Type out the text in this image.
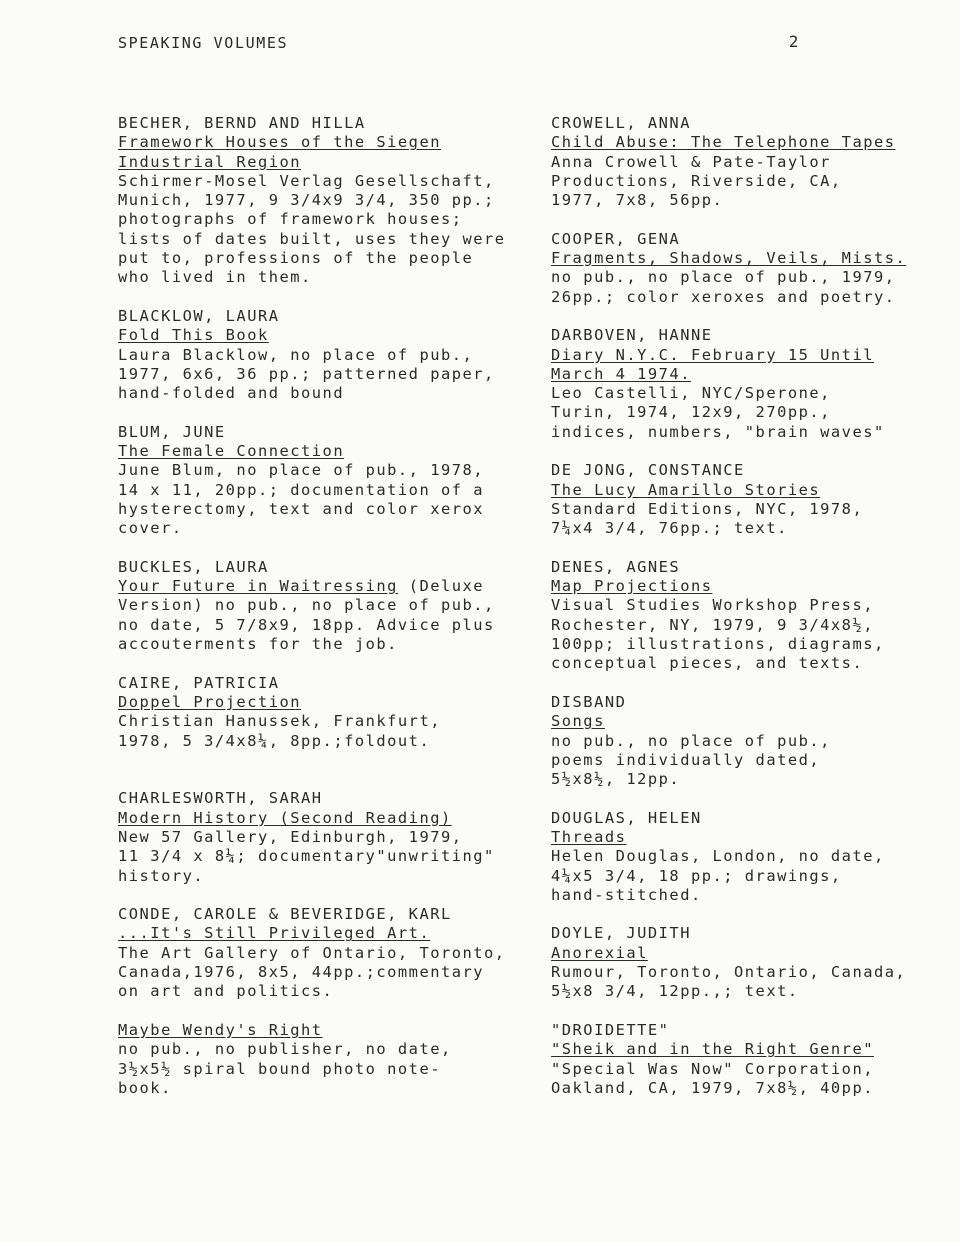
SPEAKING VOLUMES	2
BECHER, BERND AND HILLA
Framework Houses of the Siegen
Industrial Region
Schirmer-Mosel Verlag Gesellschaft,
Munich, 1977, 9 3/4x9 3/4, 350 pp.;
photographs of framework houses;
lists of dates built, uses they were
put to, professions of the people
who lived in them.
BLACKLOW, LAURA
Fold This Book
Laura Blacklow, no place of pub.,
1977, 6x6, 36 pp.; patterned paper,
hand-folded and bound
BLUM, JUNE
The Female Connection
June Blum, no place of pub., 1978,
14 x 11, 20pp.; documentation of a
hysterectomy, text and color xerox
cover.
BUCKLES, LAURA
Your Future in Waitressing (Deluxe
Version) no pub., no place of pub.,
no date, 5 7/8x9, 18pp. Advice plus
accouterments for the job.
CAIRE, PATRICIA
Doppel Projection
Christian Hanussek, Frankfurt,
1978, 5 3/4x8¼, 8pp.;foldout.

CHARLESWORTH, SARAH
Modern History (Second Reading)
New 57 Gallery, Edinburgh, 1979,
11 3/4 x 8¼; documentary"unwriting"
history.
CONDE, CAROLE & BEVERIDGE, KARL
...It's Still Privileged Art.
The Art Gallery of Ontario, Toronto,
Canada,1976, 8x5, 44pp.;commentary
on art and politics.
Maybe Wendy's Right
no pub., no publisher, no date,
3½x5½ spiral bound photo note-
book.
CROWELL, ANNA
Child Abuse: The Telephone Tapes
Anna Crowell & Pate-Taylor
Productions, Riverside, CA,
1977, 7x8, 56pp.
COOPER, GENA
Fragments, Shadows, Veils, Mists.
no pub., no place of pub., 1979,
26pp.; color xeroxes and poetry.
DARBOVEN, HANNE
Diary N.Y.C. February 15 Until
March 4 1974.
Leo Castelli, NYC/Sperone,
Turin, 1974, 12x9, 270pp.,
indices, numbers, "brain waves"
DE JONG, CONSTANCE
The Lucy Amarillo Stories
Standard Editions, NYC, 1978,
7¼x4 3/4, 76pp.; text.
DENES, AGNES
Map Projections
Visual Studies Workshop Press,
Rochester, NY, 1979, 9 3/4x8½,
100pp; illustrations, diagrams,
conceptual pieces, and texts.
DISBAND
Songs
no pub., no place of pub.,
poems individually dated,
5½x8½, 12pp.
DOUGLAS, HELEN
Threads
Helen Douglas, London, no date,
4¼x5 3/4, 18 pp.; drawings,
hand-stitched.
DOYLE, JUDITH
Anorexial
Rumour, Toronto, Ontario, Canada,
5½x8 3/4, 12pp.,; text.
"DROIDETTE"
"Sheik and in the Right Genre"
"Special Was Now" Corporation,
Oakland, CA, 1979, 7x8½, 40pp.
